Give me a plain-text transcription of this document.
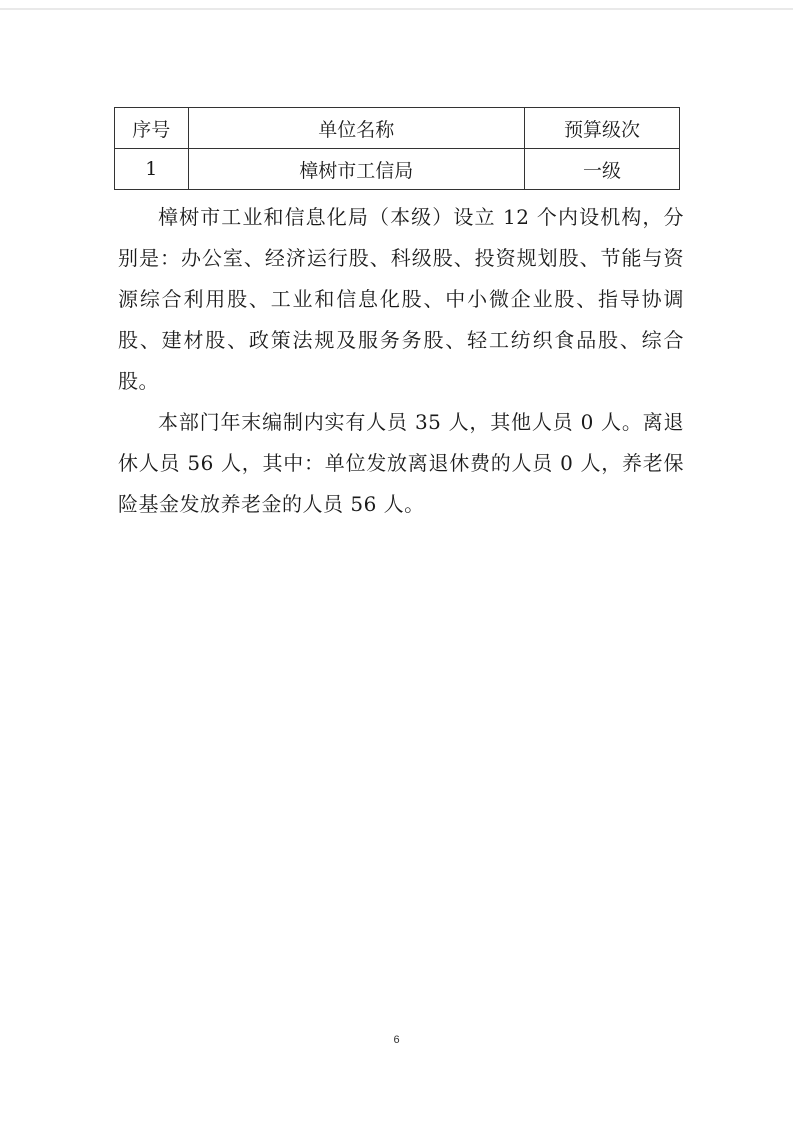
序号	单位名称	预算级次
1	樟树市工信局	一级

樟树市工业和信息化局（本级）设立 12 个内设机构，分别是：办公室、经济运行股、科级股、投资规划股、节能与资源综合利用股、工业和信息化股、中小微企业股、指导协调股、建材股、政策法规及服务务股、轻工纺织食品股、综合股。

本部门年末编制内实有人员 35 人，其他人员 0 人。离退休人员 56 人，其中：单位发放离退休费的人员 0 人，养老保险基金发放养老金的人员 56 人。

6
